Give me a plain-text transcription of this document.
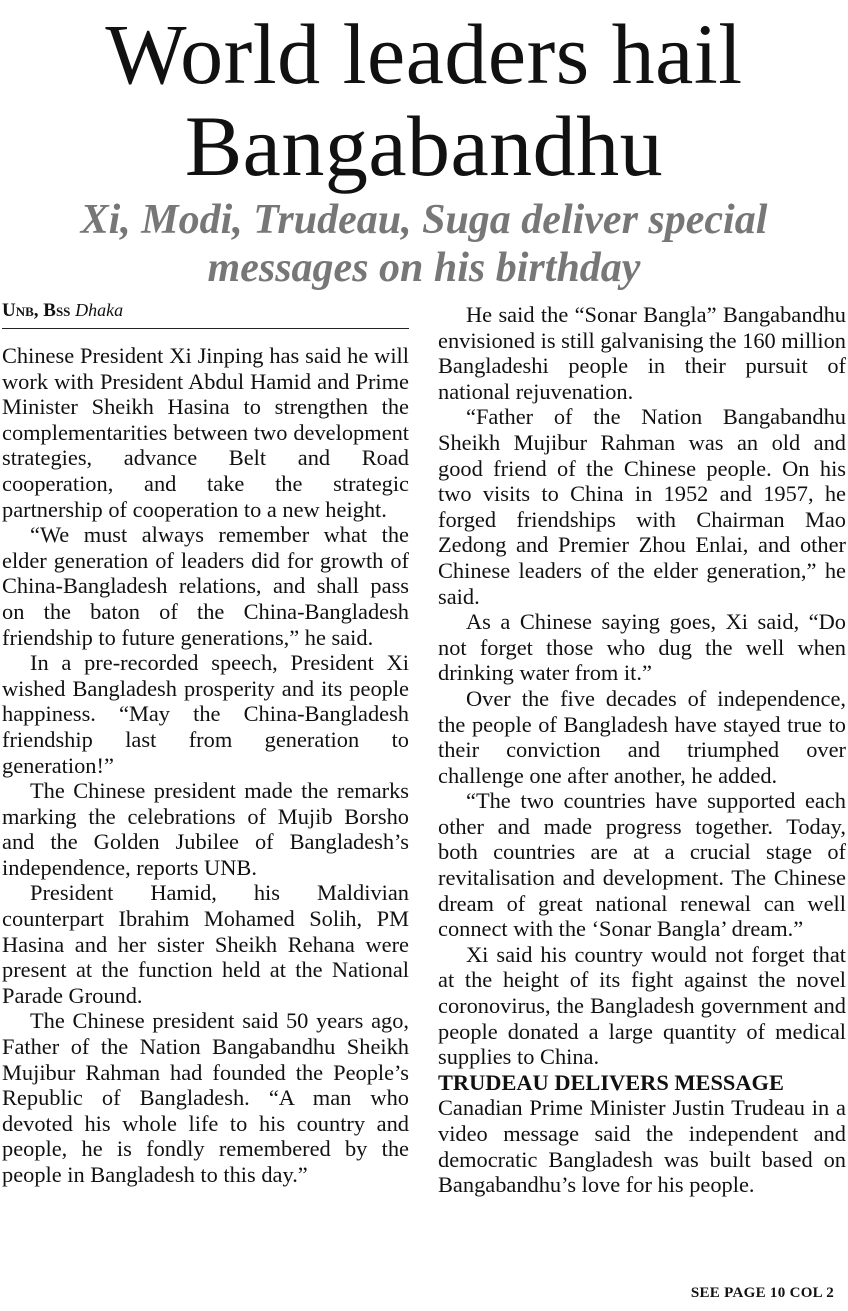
World leaders hail
Bangabandhu
Xi, Modi, Trudeau, Suga deliver special
messages on his birthday
Unb, Bss Dhaka

Chinese President Xi Jinping has said he will work with President Abdul Hamid and Prime Minister Sheikh Hasina to strengthen the complementarities between two development strategies, advance Belt and Road cooperation, and take the strategic partnership of cooperation to a new height.

“We must always remember what the elder generation of leaders did for growth of China-Bangladesh relations, and shall pass on the baton of the China-Bangladesh friendship to future generations,” he said.

In a pre-recorded speech, President Xi wished Bangladesh prosperity and its people happiness. “May the China-Bangladesh friendship last from generation to generation!”

The Chinese president made the remarks marking the celebrations of Mujib Borsho and the Golden Jubilee of Bangladesh’s independence, reports UNB.

President Hamid, his Maldivian counterpart Ibrahim Mohamed Solih, PM Hasina and her sister Sheikh Rehana were present at the function held at the National Parade Ground.

The Chinese president said 50 years ago, Father of the Nation Bangabandhu Sheikh Mujibur Rahman had founded the People’s Republic of Bangladesh. “A man who devoted his whole life to his country and people, he is fondly remembered by the people in Bangladesh to this day.”

He said the “Sonar Bangla” Bangabandhu envisioned is still galvanising the 160 million Bangladeshi people in their pursuit of national rejuvenation.

“Father of the Nation Bangabandhu Sheikh Mujibur Rahman was an old and good friend of the Chinese people. On his two visits to China in 1952 and 1957, he forged friendships with Chairman Mao Zedong and Premier Zhou Enlai, and other Chinese leaders of the elder generation,” he said.

As a Chinese saying goes, Xi said, “Do not forget those who dug the well when drinking water from it.”

Over the five decades of independence, the people of Bangladesh have stayed true to their conviction and triumphed over challenge one after another, he added.

“The two countries have supported each other and made progress together. Today, both countries are at a crucial stage of revitalisation and development. The Chinese dream of great national renewal can well connect with the ‘Sonar Bangla’ dream.”

Xi said his country would not forget that at the height of its fight against the novel coronovirus, the Bangladesh government and people donated a large quantity of medical supplies to China.

TRUDEAU DELIVERS MESSAGE

Canadian Prime Minister Justin Trudeau in a video message said the independent and democratic Bangladesh was built based on Bangabandhu’s love for his people.

SEE PAGE 10 COL 2
